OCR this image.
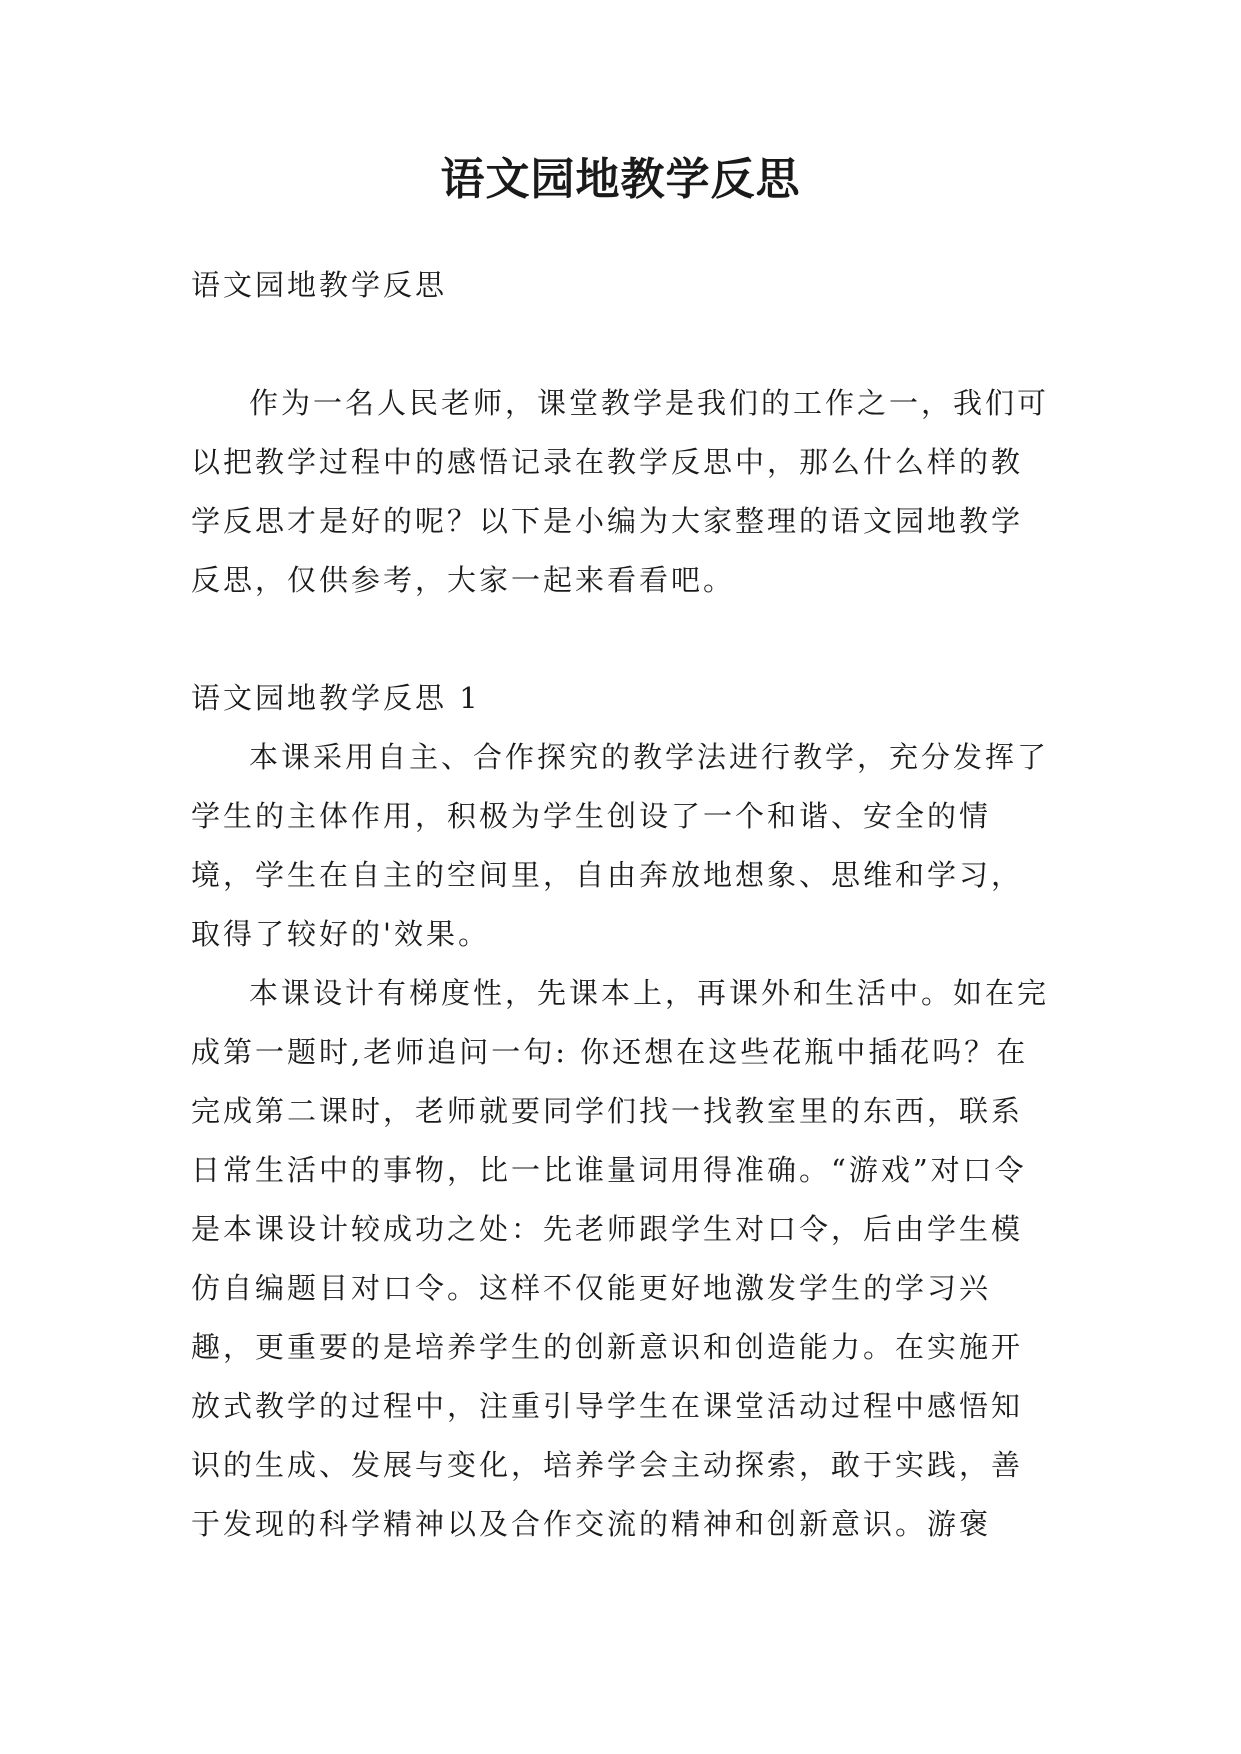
语文园地教学反思

语文园地教学反思

作为一名人民老师，课堂教学是我们的工作之一，我们可以把教学过程中的感悟记录在教学反思中，那么什么样的教学反思才是好的呢？以下是小编为大家整理的语文园地教学反思，仅供参考，大家一起来看看吧。

语文园地教学反思 1

本课采用自主、合作探究的教学法进行教学，充分发挥了学生的主体作用，积极为学生创设了一个和谐、安全的情境，学生在自主的空间里，自由奔放地想象、思维和学习，取得了较好的'效果。

本课设计有梯度性，先课本上，再课外和生活中。如在完成第一题时,老师追问一句: 你还想在这些花瓶中插花吗？在完成第二课时，老师就要同学们找一找教室里的东西，联系日常生活中的事物，比一比谁量词用得准确。“游戏”对口令是本课设计较成功之处：先老师跟学生对口令，后由学生模仿自编题目对口令。这样不仅能更好地激发学生的学习兴趣，更重要的是培养学生的创新意识和创造能力。在实施开放式教学的过程中，注重引导学生在课堂活动过程中感悟知识的生成、发展与变化，培养学会主动探索，敢于实践，善于发现的科学精神以及合作交流的精神和创新意识。游褒
